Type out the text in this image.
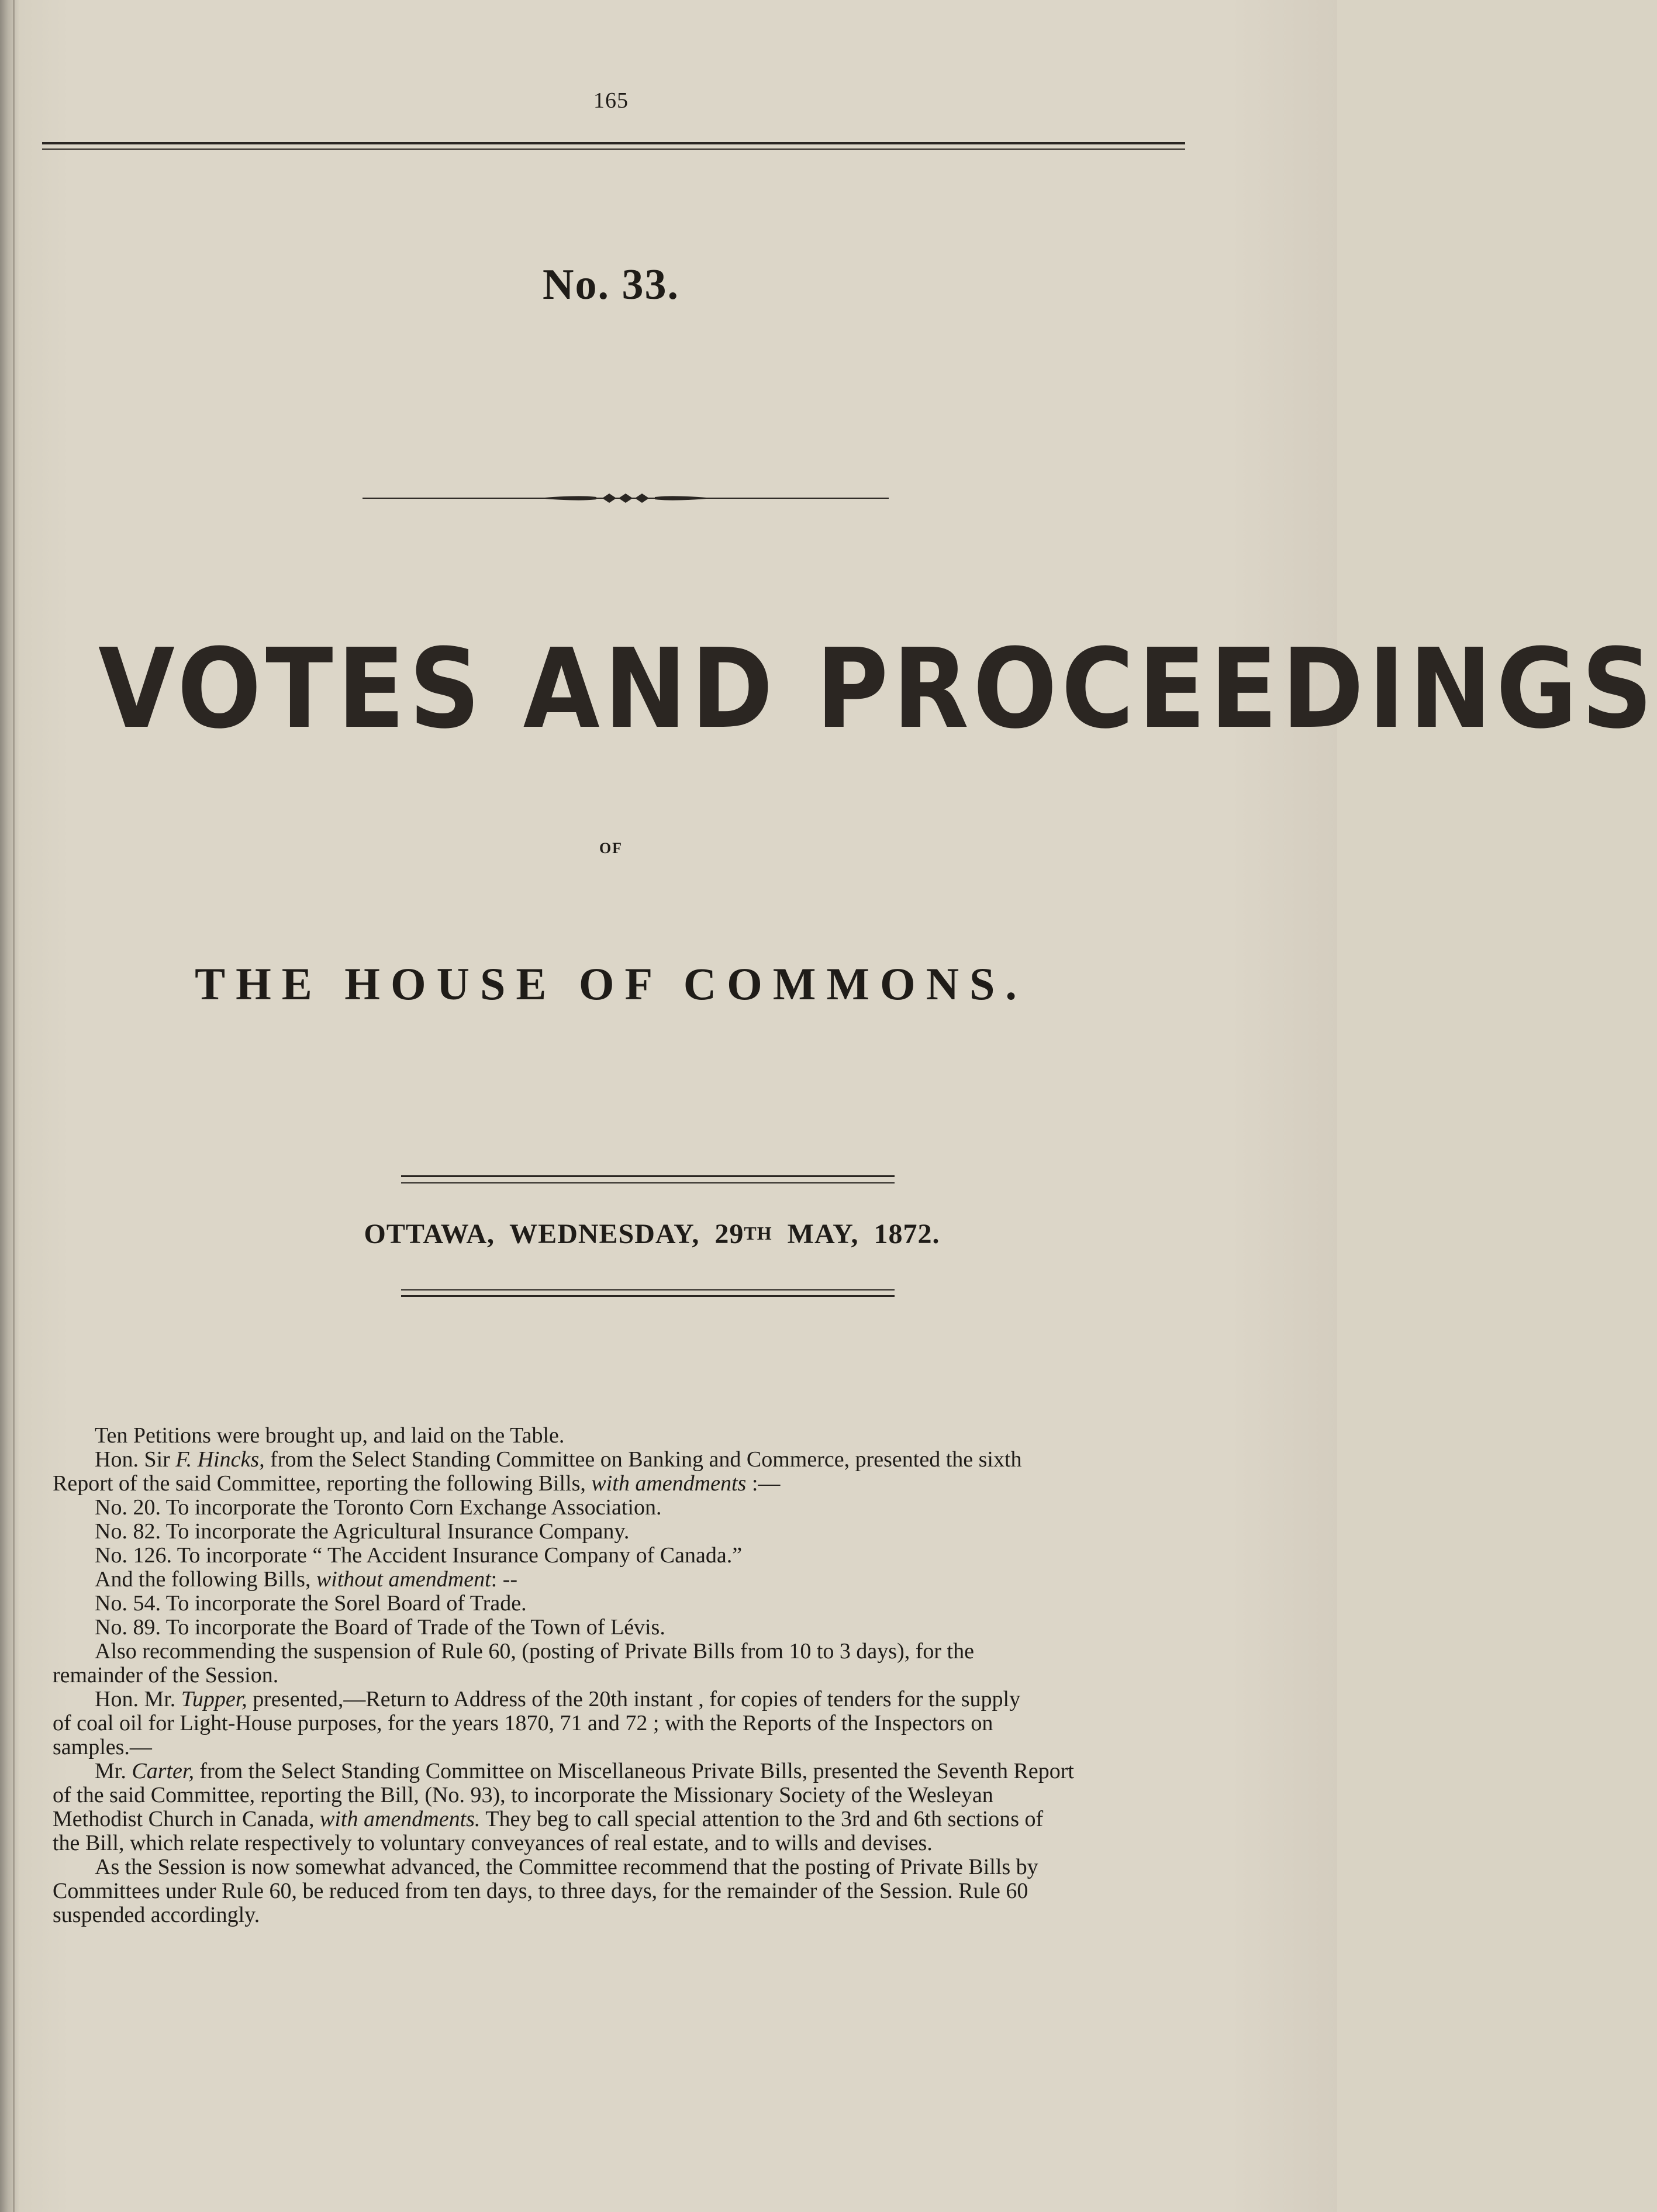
165
No. 33.
VOTES AND PROCEEDINGS
OF
THE HOUSE OF COMMONS.
OTTAWA, WEDNESDAY, 29TH MAY, 1872.
Ten Petitions were brought up, and laid on the Table.
Hon. Sir F. Hincks, from the Select Standing Committee on Banking and Commerce, presented the sixth
Report of the said Committee, reporting the following Bills, with amendments :—
No. 20. To incorporate the Toronto Corn Exchange Association.
No. 82. To incorporate the Agricultural Insurance Company.
No. 126. To incorporate “ The Accident Insurance Company of Canada.”
And the following Bills, without amendment: --
No. 54. To incorporate the Sorel Board of Trade.
No. 89. To incorporate the Board of Trade of the Town of Lévis.
Also recommending the suspension of Rule 60, (posting of Private Bills from 10 to 3 days), for the
remainder of the Session.
Hon. Mr. Tupper, presented,—Return to Address of the 20th instant , for copies of tenders for the supply
of coal oil for Light-House purposes, for the years 1870, 71 and 72 ; with the Reports of the Inspectors on
samples.—
Mr. Carter, from the Select Standing Committee on Miscellaneous Private Bills, presented the Seventh Report
of the said Committee, reporting the Bill, (No. 93), to incorporate the Missionary Society of the Wesleyan
Methodist Church in Canada, with amendments. They beg to call special attention to the 3rd and 6th sections of
the Bill, which relate respectively to voluntary conveyances of real estate, and to wills and devises.
As the Session is now somewhat advanced, the Committee recommend that the posting of Private Bills by
Committees under Rule 60, be reduced from ten days, to three days, for the remainder of the Session. Rule 60
suspended accordingly.
